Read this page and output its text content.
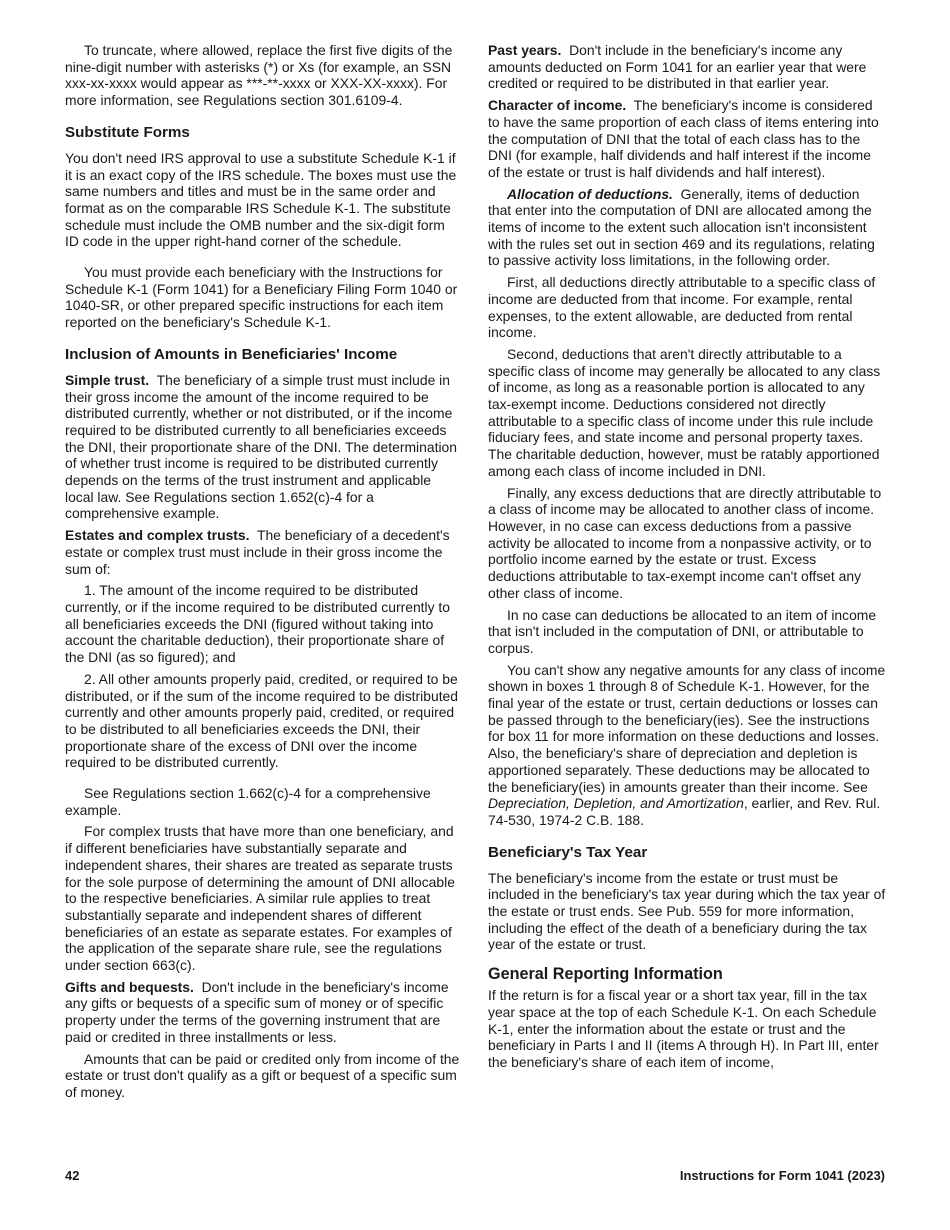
To truncate, where allowed, replace the first five digits of the nine-digit number with asterisks (*) or Xs (for example, an SSN xxx-xx-xxxx would appear as ***-**-xxxx or XXX-XX-xxxx). For more information, see Regulations section 301.6109-4.

Substitute Forms

You don't need IRS approval to use a substitute Schedule K-1 if it is an exact copy of the IRS schedule. The boxes must use the same numbers and titles and must be in the same order and format as on the comparable IRS Schedule K-1. The substitute schedule must include the OMB number and the six-digit form ID code in the upper right-hand corner of the schedule.

You must provide each beneficiary with the Instructions for Schedule K-1 (Form 1041) for a Beneficiary Filing Form 1040 or 1040-SR, or other prepared specific instructions for each item reported on the beneficiary's Schedule K-1.

Inclusion of Amounts in Beneficiaries' Income

Simple trust. The beneficiary of a simple trust must include in their gross income the amount of the income required to be distributed currently, whether or not distributed, or if the income required to be distributed currently to all beneficiaries exceeds the DNI, their proportionate share of the DNI. The determination of whether trust income is required to be distributed currently depends on the terms of the trust instrument and applicable local law. See Regulations section 1.652(c)-4 for a comprehensive example.

Estates and complex trusts. The beneficiary of a decedent's estate or complex trust must include in their gross income the sum of:

1. The amount of the income required to be distributed currently, or if the income required to be distributed currently to all beneficiaries exceeds the DNI (figured without taking into account the charitable deduction), their proportionate share of the DNI (as so figured); and

2. All other amounts properly paid, credited, or required to be distributed, or if the sum of the income required to be distributed currently and other amounts properly paid, credited, or required to be distributed to all beneficiaries exceeds the DNI, their proportionate share of the excess of DNI over the income required to be distributed currently.

See Regulations section 1.662(c)-4 for a comprehensive example.

For complex trusts that have more than one beneficiary, and if different beneficiaries have substantially separate and independent shares, their shares are treated as separate trusts for the sole purpose of determining the amount of DNI allocable to the respective beneficiaries. A similar rule applies to treat substantially separate and independent shares of different beneficiaries of an estate as separate estates. For examples of the application of the separate share rule, see the regulations under section 663(c).

Gifts and bequests. Don't include in the beneficiary's income any gifts or bequests of a specific sum of money or of specific property under the terms of the governing instrument that are paid or credited in three installments or less.

Amounts that can be paid or credited only from income of the estate or trust don't qualify as a gift or bequest of a specific sum of money.

Past years. Don't include in the beneficiary's income any amounts deducted on Form 1041 for an earlier year that were credited or required to be distributed in that earlier year.

Character of income. The beneficiary's income is considered to have the same proportion of each class of items entering into the computation of DNI that the total of each class has to the DNI (for example, half dividends and half interest if the income of the estate or trust is half dividends and half interest).

Allocation of deductions. Generally, items of deduction that enter into the computation of DNI are allocated among the items of income to the extent such allocation isn't inconsistent with the rules set out in section 469 and its regulations, relating to passive activity loss limitations, in the following order.

First, all deductions directly attributable to a specific class of income are deducted from that income. For example, rental expenses, to the extent allowable, are deducted from rental income.

Second, deductions that aren't directly attributable to a specific class of income may generally be allocated to any class of income, as long as a reasonable portion is allocated to any tax-exempt income. Deductions considered not directly attributable to a specific class of income under this rule include fiduciary fees, and state income and personal property taxes. The charitable deduction, however, must be ratably apportioned among each class of income included in DNI.

Finally, any excess deductions that are directly attributable to a class of income may be allocated to another class of income. However, in no case can excess deductions from a passive activity be allocated to income from a nonpassive activity, or to portfolio income earned by the estate or trust. Excess deductions attributable to tax-exempt income can't offset any other class of income.

In no case can deductions be allocated to an item of income that isn't included in the computation of DNI, or attributable to corpus.

You can't show any negative amounts for any class of income shown in boxes 1 through 8 of Schedule K-1. However, for the final year of the estate or trust, certain deductions or losses can be passed through to the beneficiary(ies). See the instructions for box 11 for more information on these deductions and losses. Also, the beneficiary's share of depreciation and depletion is apportioned separately. These deductions may be allocated to the beneficiary(ies) in amounts greater than their income. See Depreciation, Depletion, and Amortization, earlier, and Rev. Rul. 74-530, 1974-2 C.B. 188.

Beneficiary's Tax Year

The beneficiary's income from the estate or trust must be included in the beneficiary's tax year during which the tax year of the estate or trust ends. See Pub. 559 for more information, including the effect of the death of a beneficiary during the tax year of the estate or trust.

General Reporting Information

If the return is for a fiscal year or a short tax year, fill in the tax year space at the top of each Schedule K-1. On each Schedule K-1, enter the information about the estate or trust and the beneficiary in Parts I and II (items A through H). In Part III, enter the beneficiary's share of each item of income,

42	Instructions for Form 1041 (2023)
